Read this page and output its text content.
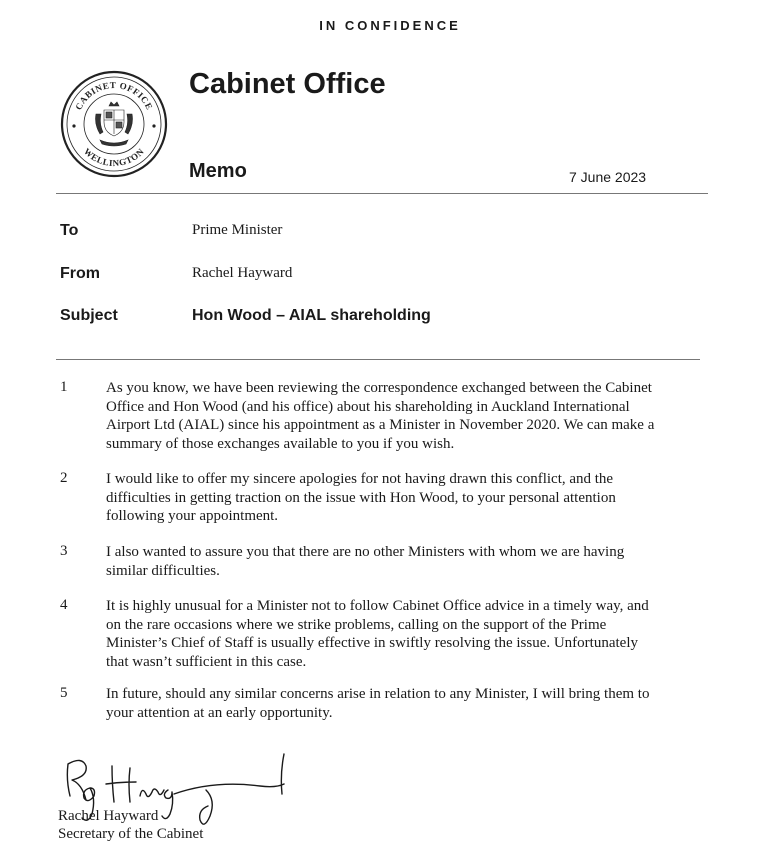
IN CONFIDENCE
CABINET OFFICE
WELLINGTON
Cabinet Office
Memo	7 June 2023
To	Prime Minister
From	Rachel Hayward
Subject	Hon Wood – AIAL shareholding
1	As you know, we have been reviewing the correspondence exchanged between the Cabinet
Office and Hon Wood (and his office) about his shareholding in Auckland International
Airport Ltd (AIAL) since his appointment as a Minister in November 2020. We can make a
summary of those exchanges available to you if you wish.
2	I would like to offer my sincere apologies for not having drawn this conflict, and the
difficulties in getting traction on the issue with Hon Wood, to your personal attention
following your appointment.
3	I also wanted to assure you that there are no other Ministers with whom we are having
similar difficulties.
4	It is highly unusual for a Minister not to follow Cabinet Office advice in a timely way, and
on the rare occasions where we strike problems, calling on the support of the Prime
Minister’s Chief of Staff is usually effective in swiftly resolving the issue. Unfortunately
that wasn’t sufficient in this case.
5	In future, should any similar concerns arise in relation to any Minister, I will bring them to
your attention at an early opportunity.
Rachel Hayward
Secretary of the Cabinet
